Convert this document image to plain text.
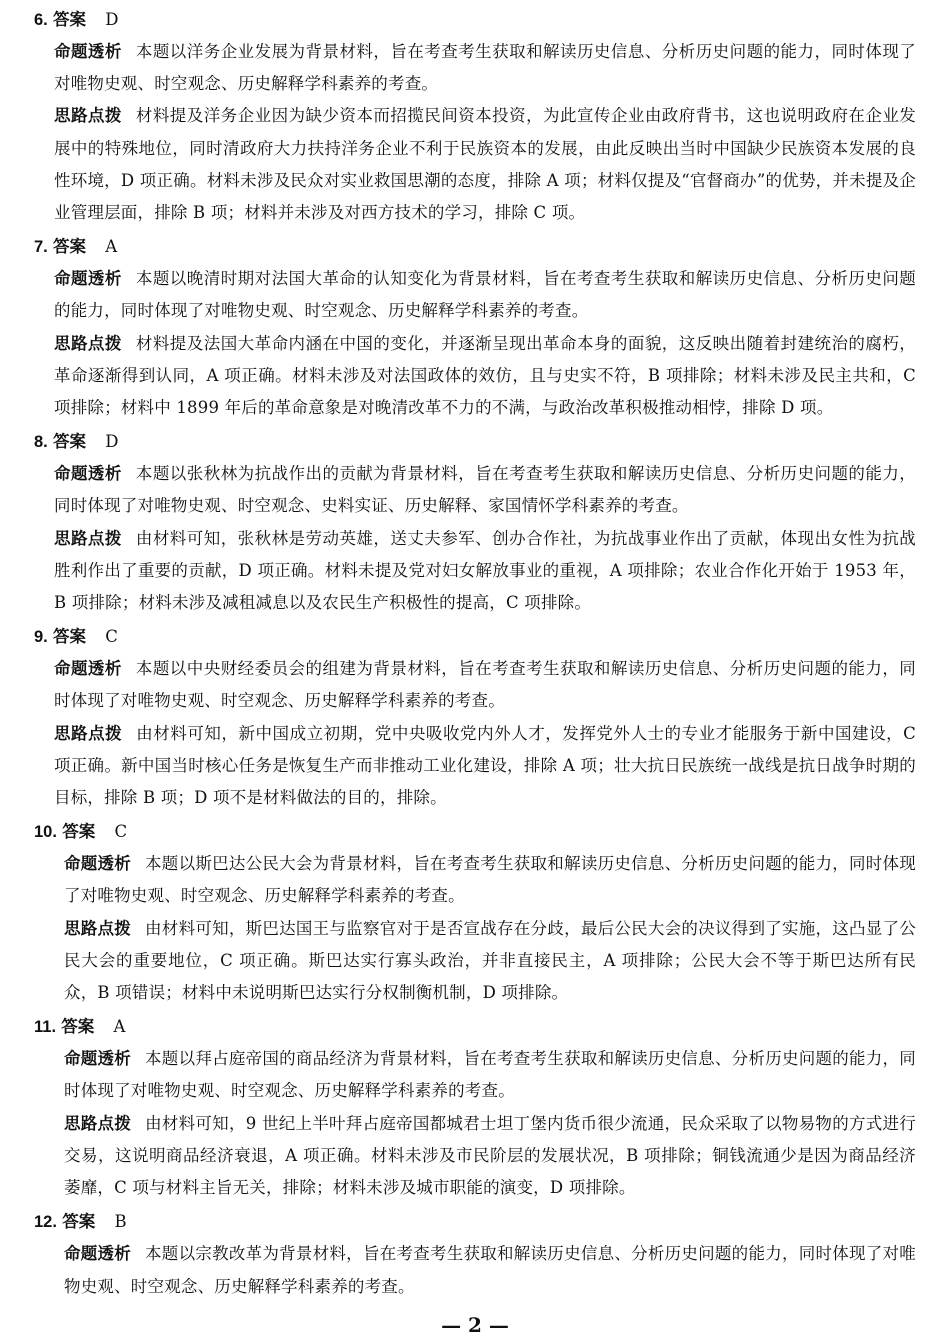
6. 答案 D
命题透析 本题以洋务企业发展为背景材料，旨在考查考生获取和解读历史信息、分析历史问题的能力，同时体现了对唯物史观、时空观念、历史解释学科素养的考查。
思路点拨 材料提及洋务企业因为缺少资本而招揽民间资本投资，为此宣传企业由政府背书，这也说明政府在企业发展中的特殊地位，同时清政府大力扶持洋务企业不利于民族资本的发展，由此反映出当时中国缺少民族资本发展的良性环境，D 项正确。材料未涉及民众对实业救国思潮的态度，排除 A 项；材料仅提及“官督商办”的优势，并未提及企业管理层面，排除 B 项；材料并未涉及对西方技术的学习，排除 C 项。
7. 答案 A
命题透析 本题以晚清时期对法国大革命的认知变化为背景材料，旨在考查考生获取和解读历史信息、分析历史问题的能力，同时体现了对唯物史观、时空观念、历史解释学科素养的考查。
思路点拨 材料提及法国大革命内涵在中国的变化，并逐渐呈现出革命本身的面貌，这反映出随着封建统治的腐朽，革命逐渐得到认同，A 项正确。材料未涉及对法国政体的效仿，且与史实不符，B 项排除；材料未涉及民主共和，C 项排除；材料中 1899 年后的革命意象是对晚清改革不力的不满，与政治改革积极推动相悖，排除 D 项。
8. 答案 D
命题透析 本题以张秋林为抗战作出的贡献为背景材料，旨在考查考生获取和解读历史信息、分析历史问题的能力，同时体现了对唯物史观、时空观念、史料实证、历史解释、家国情怀学科素养的考查。
思路点拨 由材料可知，张秋林是劳动英雄，送丈夫参军、创办合作社，为抗战事业作出了贡献，体现出女性为抗战胜利作出了重要的贡献，D 项正确。材料未提及党对妇女解放事业的重视，A 项排除；农业合作化开始于 1953 年，B 项排除；材料未涉及减租减息以及农民生产积极性的提高，C 项排除。
9. 答案 C
命题透析 本题以中央财经委员会的组建为背景材料，旨在考查考生获取和解读历史信息、分析历史问题的能力，同时体现了对唯物史观、时空观念、历史解释学科素养的考查。
思路点拨 由材料可知，新中国成立初期，党中央吸收党内外人才，发挥党外人士的专业才能服务于新中国建设，C 项正确。新中国当时核心任务是恢复生产而非推动工业化建设，排除 A 项；壮大抗日民族统一战线是抗日战争时期的目标，排除 B 项；D 项不是材料做法的目的，排除。
10. 答案 C
命题透析 本题以斯巴达公民大会为背景材料，旨在考查考生获取和解读历史信息、分析历史问题的能力，同时体现了对唯物史观、时空观念、历史解释学科素养的考查。
思路点拨 由材料可知，斯巴达国王与监察官对于是否宣战存在分歧，最后公民大会的决议得到了实施，这凸显了公民大会的重要地位，C 项正确。斯巴达实行寡头政治，并非直接民主，A 项排除；公民大会不等于斯巴达所有民众，B 项错误；材料中未说明斯巴达实行分权制衡机制，D 项排除。
11. 答案 A
命题透析 本题以拜占庭帝国的商品经济为背景材料，旨在考查考生获取和解读历史信息、分析历史问题的能力，同时体现了对唯物史观、时空观念、历史解释学科素养的考查。
思路点拨 由材料可知，9 世纪上半叶拜占庭帝国都城君士坦丁堡内货币很少流通，民众采取了以物易物的方式进行交易，这说明商品经济衰退，A 项正确。材料未涉及市民阶层的发展状况，B 项排除；铜钱流通少是因为商品经济萎靡，C 项与材料主旨无关，排除；材料未涉及城市职能的演变，D 项排除。
12. 答案 B
命题透析 本题以宗教改革为背景材料，旨在考查考生获取和解读历史信息、分析历史问题的能力，同时体现了对唯物史观、时空观念、历史解释学科素养的考查。
— 2 —
